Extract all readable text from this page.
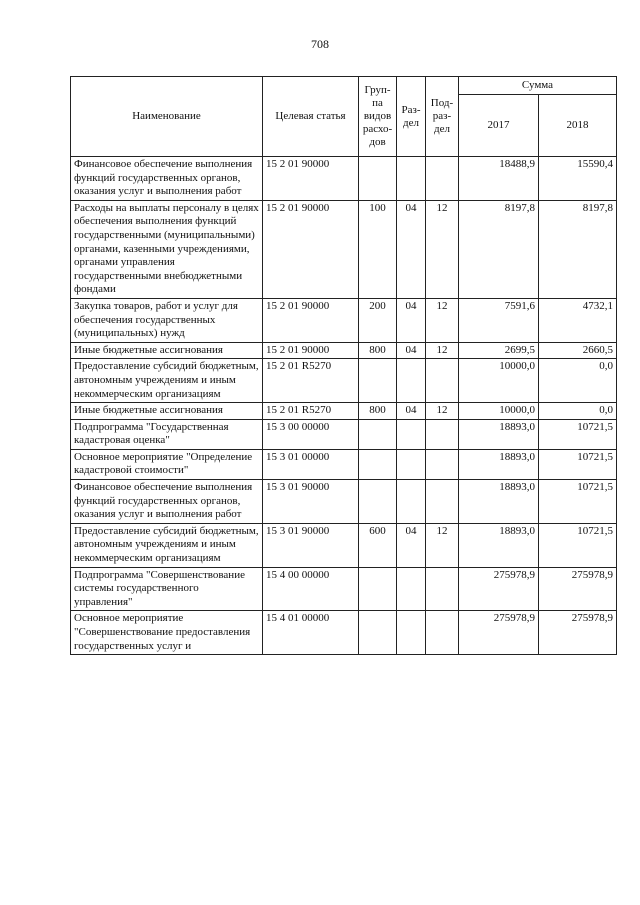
708
Наименование	Целевая статья	Груп- па видов расхо- дов	Раз- дел	Под- раз- дел	Сумма	
					2017	2018
Финансовое обеспечение выполнения функций государственных органов, оказания услуг и выполнения работ	15 2 01 90000				18488,9	15590,4
Расходы на выплаты персоналу в целях обеспечения выполнения функций государственными (муниципальными) органами, казенными учреждениями, органами управления государственными внебюджетными фондами	15 2 01 90000	100	04	12	8197,8	8197,8
Закупка товаров, работ и услуг для обеспечения государственных (муниципальных) нужд	15 2 01 90000	200	04	12	7591,6	4732,1
Иные бюджетные ассигнования	15 2 01 90000	800	04	12	2699,5	2660,5
Предоставление субсидий бюджетным, автономным учреждениям и иным некоммерческим организациям	15 2 01 R5270				10000,0	0,0
Иные бюджетные ассигнования	15 2 01 R5270	800	04	12	10000,0	0,0
Подпрограмма "Государственная кадастровая оценка"	15 3 00 00000				18893,0	10721,5
Основное мероприятие "Определение кадастровой стоимости"	15 3 01 00000				18893,0	10721,5
Финансовое обеспечение выполнения функций государственных органов, оказания услуг и выполнения работ	15 3 01 90000				18893,0	10721,5
Предоставление субсидий бюджетным, автономным учреждениям и иным некоммерческим организациям	15 3 01 90000	600	04	12	18893,0	10721,5
Подпрограмма "Совершенствование системы государственного управления"	15 4 00 00000				275978,9	275978,9
Основное мероприятие "Совершенствование предоставления государственных услуг и	15 4 01 00000				275978,9	275978,9
